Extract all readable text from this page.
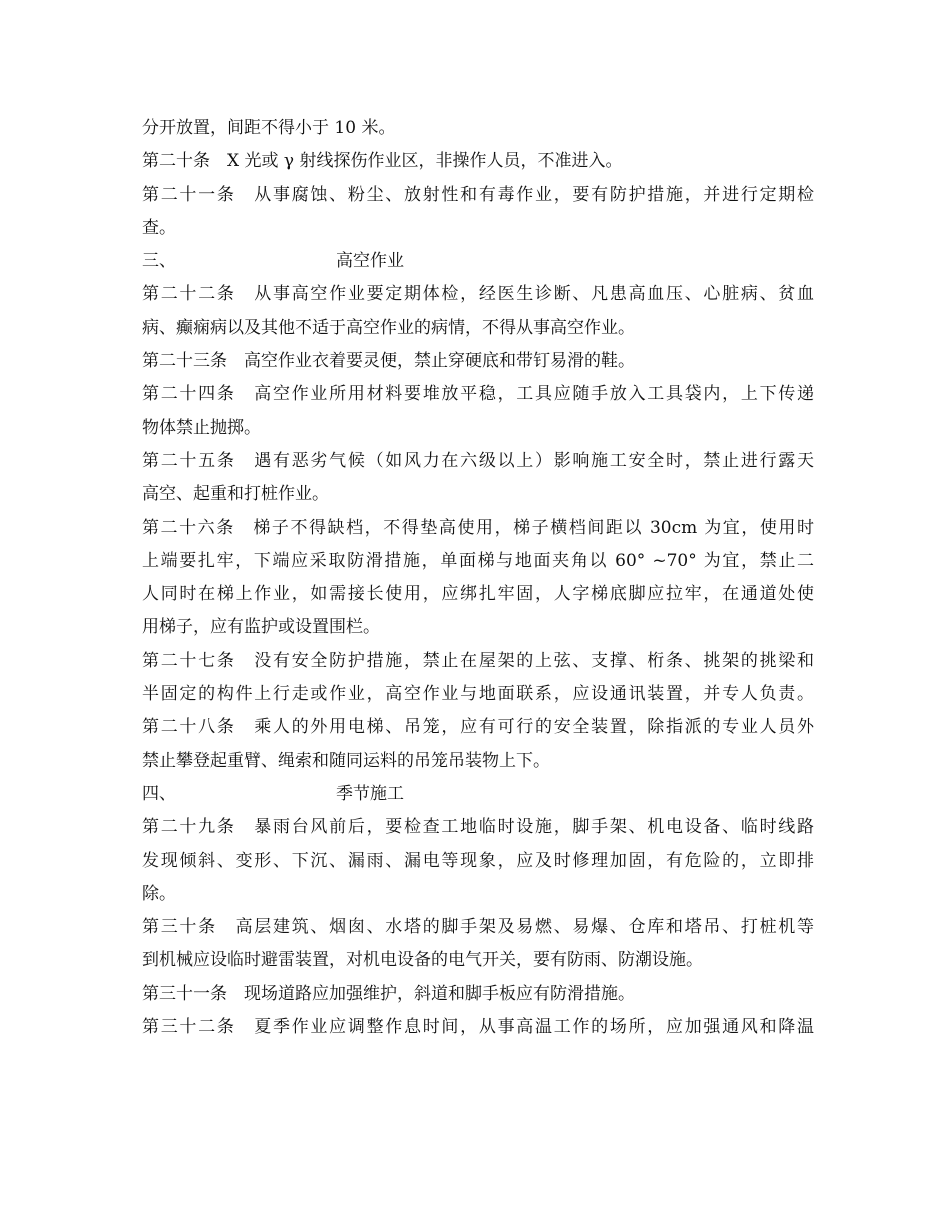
分开放置，间距不得小于 10 米。
第二十条　X 光或 γ 射线探伤作业区，非操作人员，不准进入。
第二十一条　从事腐蚀、粉尘、放射性和有毒作业，要有防护措施，并进行定期检
查。
三、	高空作业
第二十二条　从事高空作业要定期体检，经医生诊断、凡患高血压、心脏病、贫血
病、癫痫病以及其他不适于高空作业的病情，不得从事高空作业。
第二十三条　高空作业衣着要灵便，禁止穿硬底和带钉易滑的鞋。
第二十四条　高空作业所用材料要堆放平稳，工具应随手放入工具袋内，上下传递
物体禁止抛掷。
第二十五条　遇有恶劣气候（如风力在六级以上）影响施工安全时，禁止进行露天
高空、起重和打桩作业。
第二十六条　梯子不得缺档，不得垫高使用，梯子横档间距以 30cm 为宜，使用时
上端要扎牢，下端应采取防滑措施，单面梯与地面夹角以 60° ~70° 为宜，禁止二
人同时在梯上作业，如需接长使用，应绑扎牢固，人字梯底脚应拉牢，在通道处使
用梯子，应有监护或设置围栏。
第二十七条　没有安全防护措施，禁止在屋架的上弦、支撑、桁条、挑架的挑梁和
半固定的构件上行走或作业，高空作业与地面联系，应设通讯装置，并专人负责。
第二十八条　乘人的外用电梯、吊笼，应有可行的安全装置，除指派的专业人员外
禁止攀登起重臂、绳索和随同运料的吊笼吊装物上下。
四、	季节施工
第二十九条　暴雨台风前后，要检查工地临时设施，脚手架、机电设备、临时线路
发现倾斜、变形、下沉、漏雨、漏电等现象，应及时修理加固，有危险的，立即排
除。
第三十条　高层建筑、烟囱、水塔的脚手架及易燃、易爆、仓库和塔吊、打桩机等
到机械应设临时避雷装置，对机电设备的电气开关，要有防雨、防潮设施。
第三十一条　现场道路应加强维护，斜道和脚手板应有防滑措施。
第三十二条　夏季作业应调整作息时间，从事高温工作的场所，应加强通风和降温
